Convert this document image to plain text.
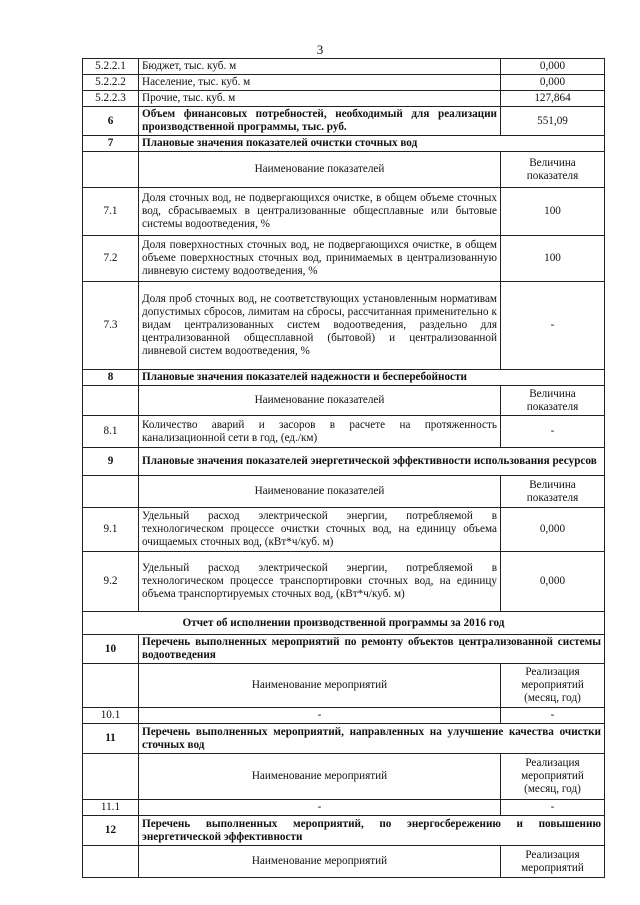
3
5.2.2.1	Бюджет, тыс. куб. м	0,000
5.2.2.2	Население, тыс. куб. м	0,000
5.2.2.3	Прочие, тыс. куб. м	127,864
6	Объем финансовых потребностей, необходимый для реализации производственной программы, тыс. руб.	551,09
7	Плановые значения показателей очистки сточных вод	
	Наименование показателей	Величина показателя
7.1	Доля сточных вод, не подвергающихся очистке, в общем объеме сточных вод, сбрасываемых в централизованные общесплавные или бытовые системы водоотведения, %	100
7.2	Доля поверхностных сточных вод, не подвергающихся очистке, в общем объеме поверхностных сточных вод, принимаемых в централизованную ливневую систему водоотведения, %	100
7.3	Доля проб сточных вод, не соответствующих установленным нормативам допустимых сбросов, лимитам на сбросы, рассчитанная применительно к видам централизованных систем водоотведения, раздельно для централизованной общесплавной (бытовой) и централизованной ливневой систем водоотведения, %	-
8	Плановые значения показателей надежности и бесперебойности	
	Наименование показателей	Величина показателя
8.1	Количество аварий и засоров в расчете на протяженность канализационной сети в год, (ед./км)	-
9	Плановые значения показателей энергетической эффективности использования ресурсов	
	Наименование показателей	Величина показателя
9.1	Удельный расход электрической энергии, потребляемой в технологическом процессе очистки сточных вод, на единицу объема очищаемых сточных вод, (кВт*ч/куб. м)	0,000
9.2	Удельный расход электрической энергии, потребляемой в технологическом процессе транспортировки сточных вод, на единицу объема транспортируемых сточных вод, (кВт*ч/куб. м)	0,000
Отчет об исполнении производственной программы за 2016 год		
10	Перечень выполненных мероприятий по ремонту объектов централизованной системы водоотведения	
	Наименование мероприятий	Реализация мероприятий (месяц, год)
10.1	-	-
11	Перечень выполненных мероприятий, направленных на улучшение качества очистки сточных вод	
	Наименование мероприятий	Реализация мероприятий (месяц, год)
11.1	-	-
12	Перечень выполненных мероприятий, по энергосбережению и повышению энергетической эффективности	
	Наименование мероприятий	Реализация мероприятий
